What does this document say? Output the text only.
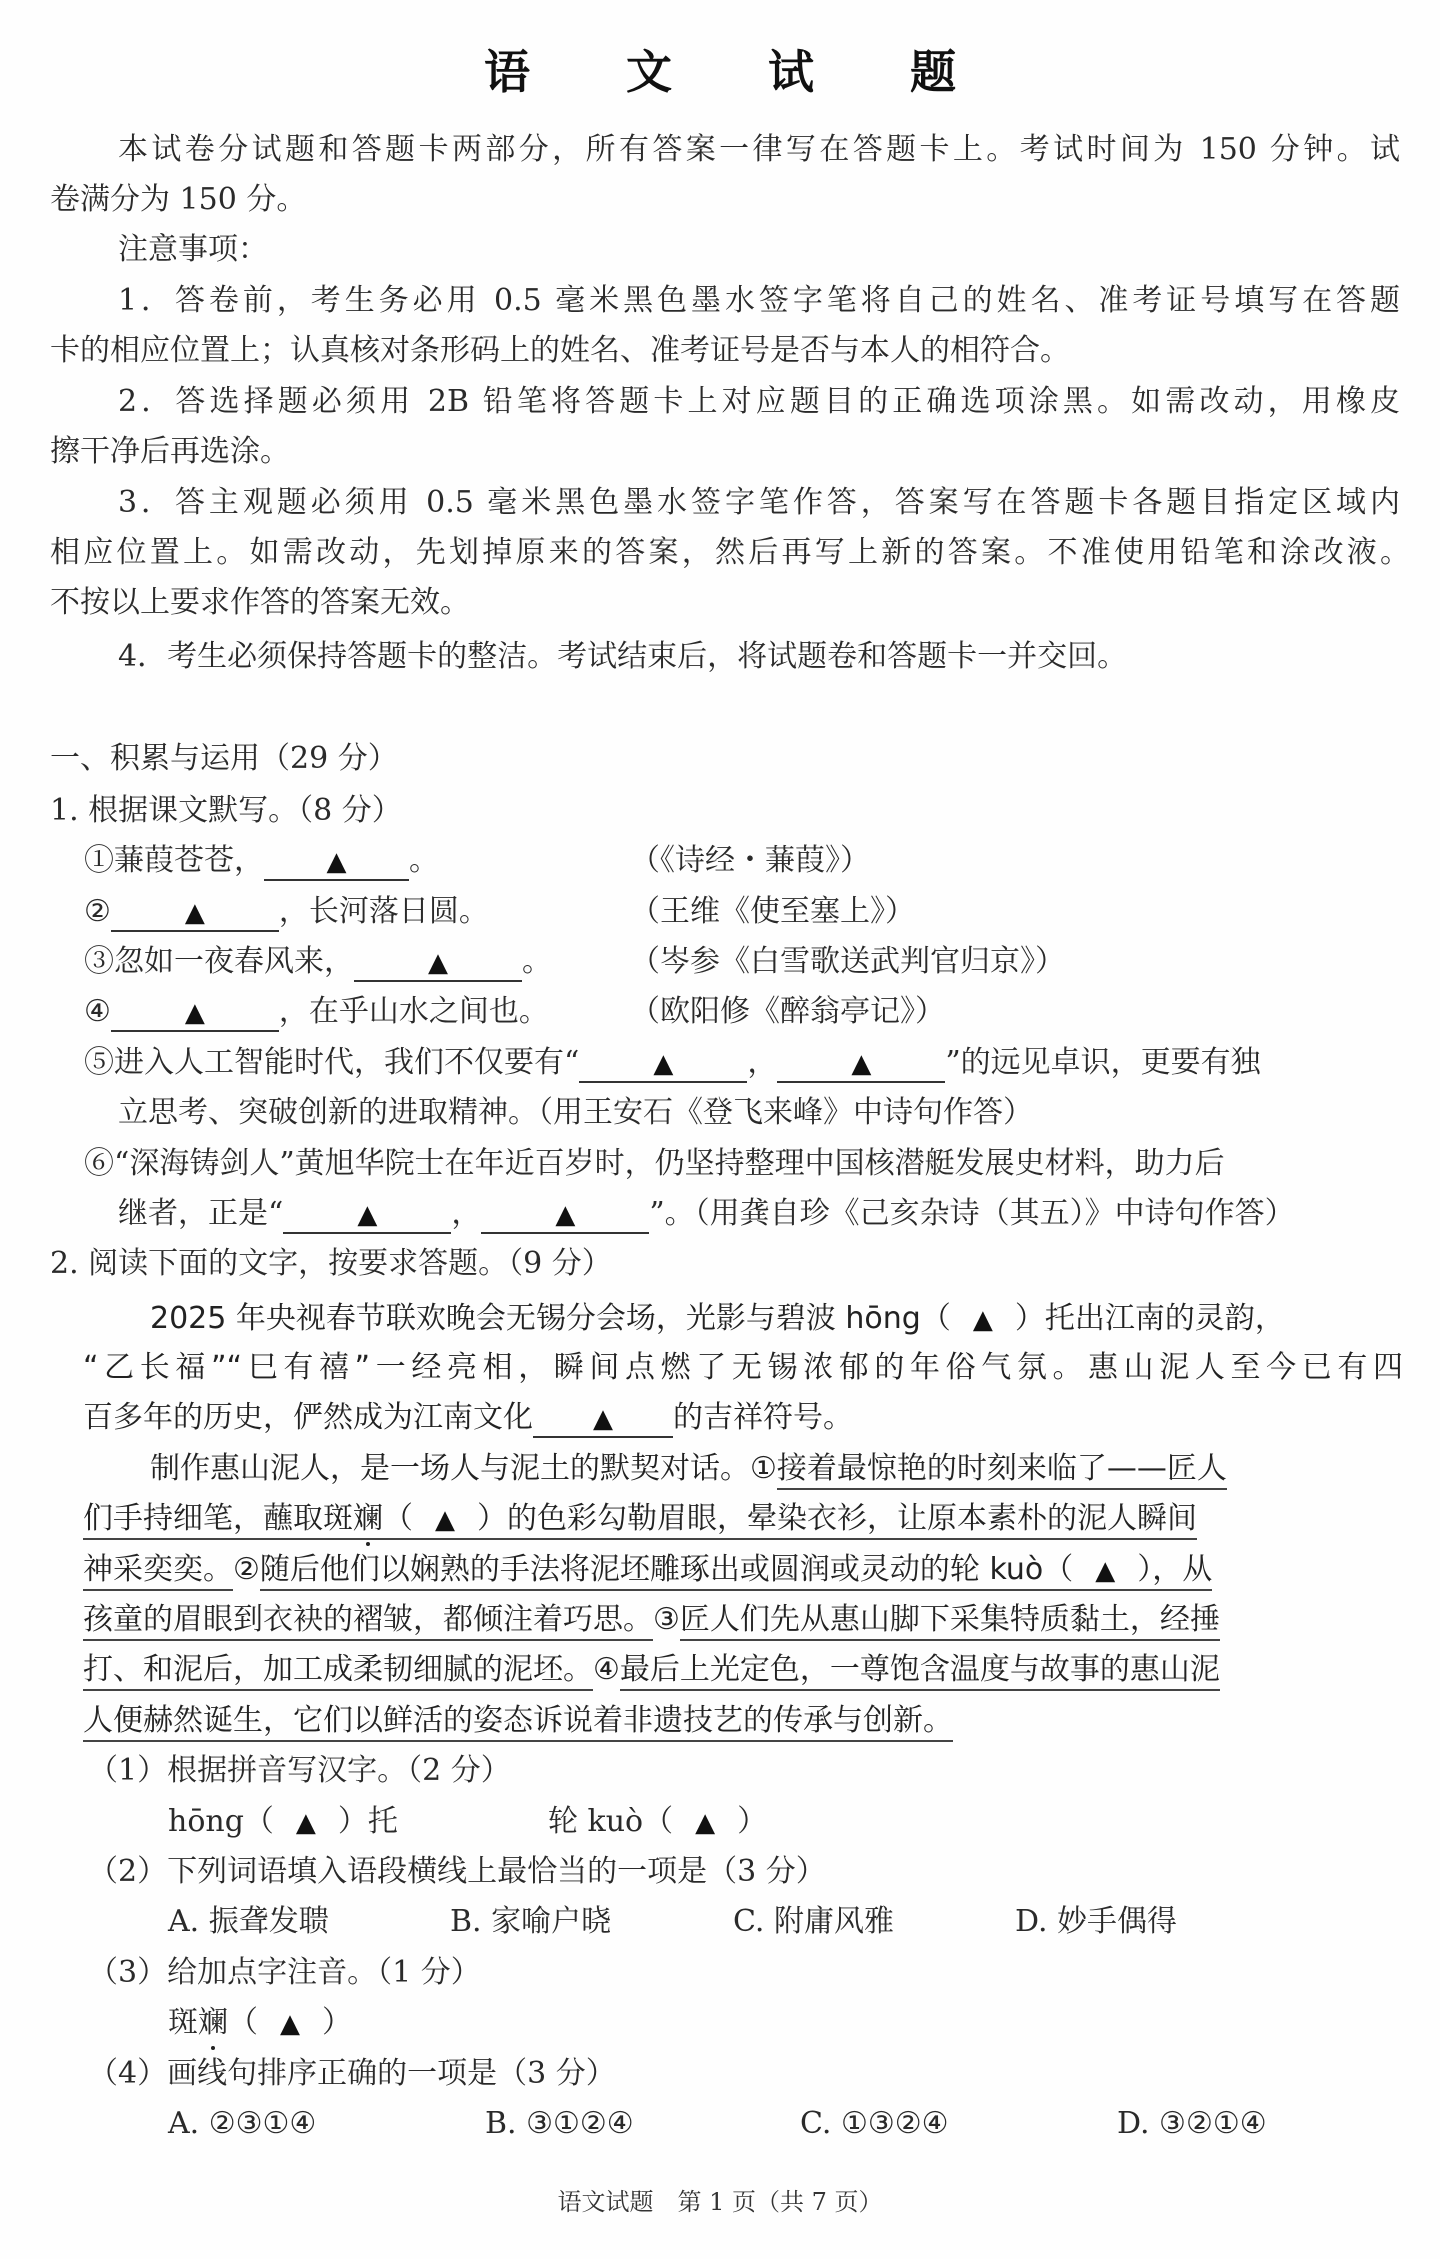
语 文 试 题
本试卷分试题和答题卡两部分，所有答案一律写在答题卡上。考试时间为 150 分钟。试
卷满分为 150 分。
注意事项：
1．答卷前，考生务必用 0.5 毫米黑色墨水签字笔将自己的姓名、准考证号填写在答题
卡的相应位置上；认真核对条形码上的姓名、准考证号是否与本人的相符合。
2．答选择题必须用 2B 铅笔将答题卡上对应题目的正确选项涂黑。如需改动，用橡皮
擦干净后再选涂。
3．答主观题必须用 0.5 毫米黑色墨水签字笔作答，答案写在答题卡各题目指定区域内
相应位置上。如需改动，先划掉原来的答案，然后再写上新的答案。不准使用铅笔和涂改液。
不按以上要求作答的答案无效。
4．考生必须保持答题卡的整洁。考试结束后，将试题卷和答题卡一并交回。
一、积累与运用（29 分）
1. 根据课文默写。（8 分）
①蒹葭苍苍， ▲ 。	（《诗经・蒹葭》）
②	▲ ，长河落日圆。	（王维《使至塞上》）
③忽如一夜春风来，	▲ 。	（岑参《白雪歌送武判官归京》）
④	▲ ，在乎山水之间也。	（欧阳修《醉翁亭记》）
⑤进入人工智能时代，我们不仅要有“	▲ ，	▲ ”的远见卓识，更要有独
立思考、突破创新的进取精神。（用王安石《登飞来峰》中诗句作答）
⑥“深海铸剑人”黄旭华院士在年近百岁时，仍坚持整理中国核潜艇发展史材料，助力后
继者，正是“	▲ ，	▲ ”。（用龚自珍《己亥杂诗（其五）》中诗句作答）
2. 阅读下面的文字，按要求答题。（9 分）
2025 年央视春节联欢晚会无锡分会场，光影与碧波 hōng（ ▲ ）托出江南的灵韵，
“乙长福”“巳有禧”一经亮相，瞬间点燃了无锡浓郁的年俗气氛。惠山泥人至今已有四
百多年的历史，俨然成为江南文化 ▲ 的吉祥符号。
制作惠山泥人，是一场人与泥土的默契对话。①接着最惊艳的时刻来临了——匠人
们手持细笔，蘸取斑斓（ ▲ ）的色彩勾勒眉眼，晕染衣衫，让原本素朴的泥人瞬间
神采奕奕。②随后他们以娴熟的手法将泥坯雕琢出或圆润或灵动的轮 kuò（ ▲ ），从
孩童的眉眼到衣袂的褶皱，都倾注着巧思。③匠人们先从惠山脚下采集特质黏土，经捶
打、和泥后，加工成柔韧细腻的泥坯。④最后上光定色，一尊饱含温度与故事的惠山泥
人便赫然诞生，它们以鲜活的姿态诉说着非遗技艺的传承与创新。
（1）根据拼音写汉字。（2 分）
hōng（ ▲ ）托	轮 kuò（ ▲ ）
（2）下列词语填入语段横线上最恰当的一项是（3 分）
A. 振聋发聩	B. 家喻户晓	C. 附庸风雅	D. 妙手偶得
（3）给加点字注音。（1 分）
斑斓（ ▲ ）
（4）画线句排序正确的一项是（3 分）
A. ②③①④	B. ③①②④	C. ①③②④	D. ③②①④
语文试题　第 1 页（共 7 页）
